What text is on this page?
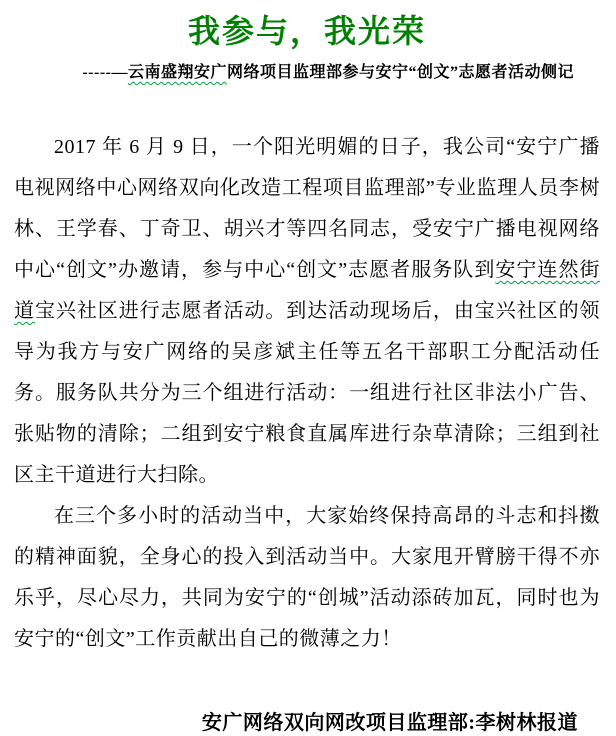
我参与，我光荣
-----—云南盛翔安广网络项目监理部参与安宁“创文”志愿者活动侧记

2017 年 6 月 9 日，一个阳光明媚的日子，我公司“安宁广播电视网络中心网络双向化改造工程项目监理部”专业监理人员李树林、王学春、丁奇卫、胡兴才等四名同志，受安宁广播电视网络中心“创文”办邀请，参与中心“创文”志愿者服务队到安宁连然街道宝兴社区进行志愿者活动。到达活动现场后，由宝兴社区的领导为我方与安广网络的吴彦斌主任等五名干部职工分配活动任务。服务队共分为三个组进行活动：一组进行社区非法小广告、张贴物的清除；二组到安宁粮食直属库进行杂草清除；三组到社区主干道进行大扫除。

在三个多小时的活动当中，大家始终保持高昂的斗志和抖擞的精神面貌，全身心的投入到活动当中。大家甩开臂膀干得不亦乐乎，尽心尽力，共同为安宁的“创城”活动添砖加瓦，同时也为安宁的“创文”工作贡献出自己的微薄之力！

安广网络双向网改项目监理部:李树林报道
